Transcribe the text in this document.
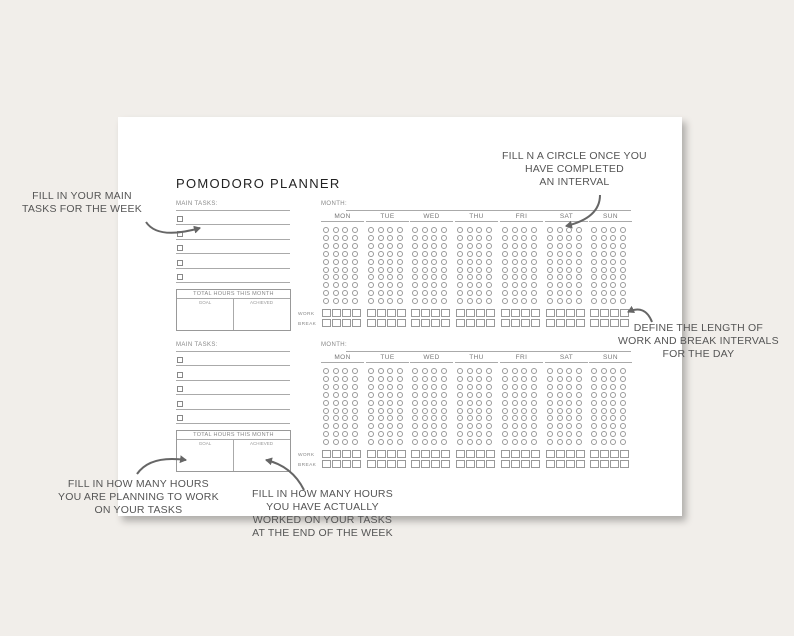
POMODORO PLANNER
MAIN TASKS:
TOTAL HOURS THIS MONTH
GOAL	ACHIEVED
MONTH:
WORK
BREAK
MON	TUE	WED	THU	FRI	SAT	SUN
MAIN TASKS:
TOTAL HOURS THIS MONTH
GOAL	ACHIEVED
MONTH:
WORK
BREAK
MON	TUE	WED	THU	FRI	SAT	SUN
FILL IN YOUR MAIN
TASKS FOR THE WEEK
FILL N A CIRCLE ONCE YOU
HAVE COMPLETED
AN INTERVAL
DEFINE THE LENGTH OF
WORK AND BREAK INTERVALS
FOR THE DAY
FILL IN HOW MANY HOURS
YOU ARE PLANNING TO WORK
ON YOUR TASKS
FILL IN HOW MANY HOURS
YOU HAVE ACTUALLY
WORKED ON YOUR TASKS
AT THE END OF THE WEEK
